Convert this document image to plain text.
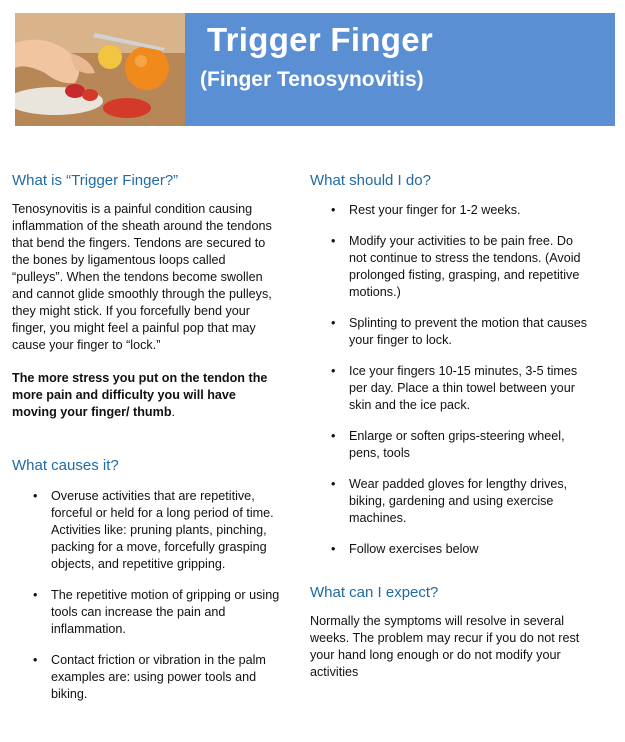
Trigger Finger
(Finger Tenosynovitis)
What is “Trigger Finger?”

Tenosynovitis is a painful condition causing inflammation of the sheath around the tendons that bend the fingers. Tendons are secured to the bones by ligamentous loops called “pulleys”. When the tendons become swollen and cannot glide smoothly through the pulleys, they might stick. If you forcefully bend your finger, you might feel a painful pop that may cause your finger to “lock.”

The more stress you put on the tendon the more pain and difficulty you will have moving your finger/ thumb.

What causes it?
• Overuse activities that are repetitive, forceful or held for a long period of time. Activities like: pruning plants, pinching, packing for a move, forcefully grasping objects, and repetitive gripping.
• The repetitive motion of gripping or using tools can increase the pain and inflammation.
• Contact friction or vibration in the palm examples are: using power tools and biking.
What should I do?
• Rest your finger for 1-2 weeks.
• Modify your activities to be pain free. Do not continue to stress the tendons. (Avoid prolonged fisting, grasping, and repetitive motions.)
• Splinting to prevent the motion that causes your finger to lock.
• Ice your fingers 10-15 minutes, 3-5 times per day. Place a thin towel between your skin and the ice pack.
• Enlarge or soften grips-steering wheel, pens, tools
• Wear padded gloves for lengthy drives, biking, gardening and using exercise machines.
• Follow exercises below
What can I expect?

Normally the symptoms will resolve in several weeks. The problem may recur if you do not rest your hand long enough or do not modify your activities
